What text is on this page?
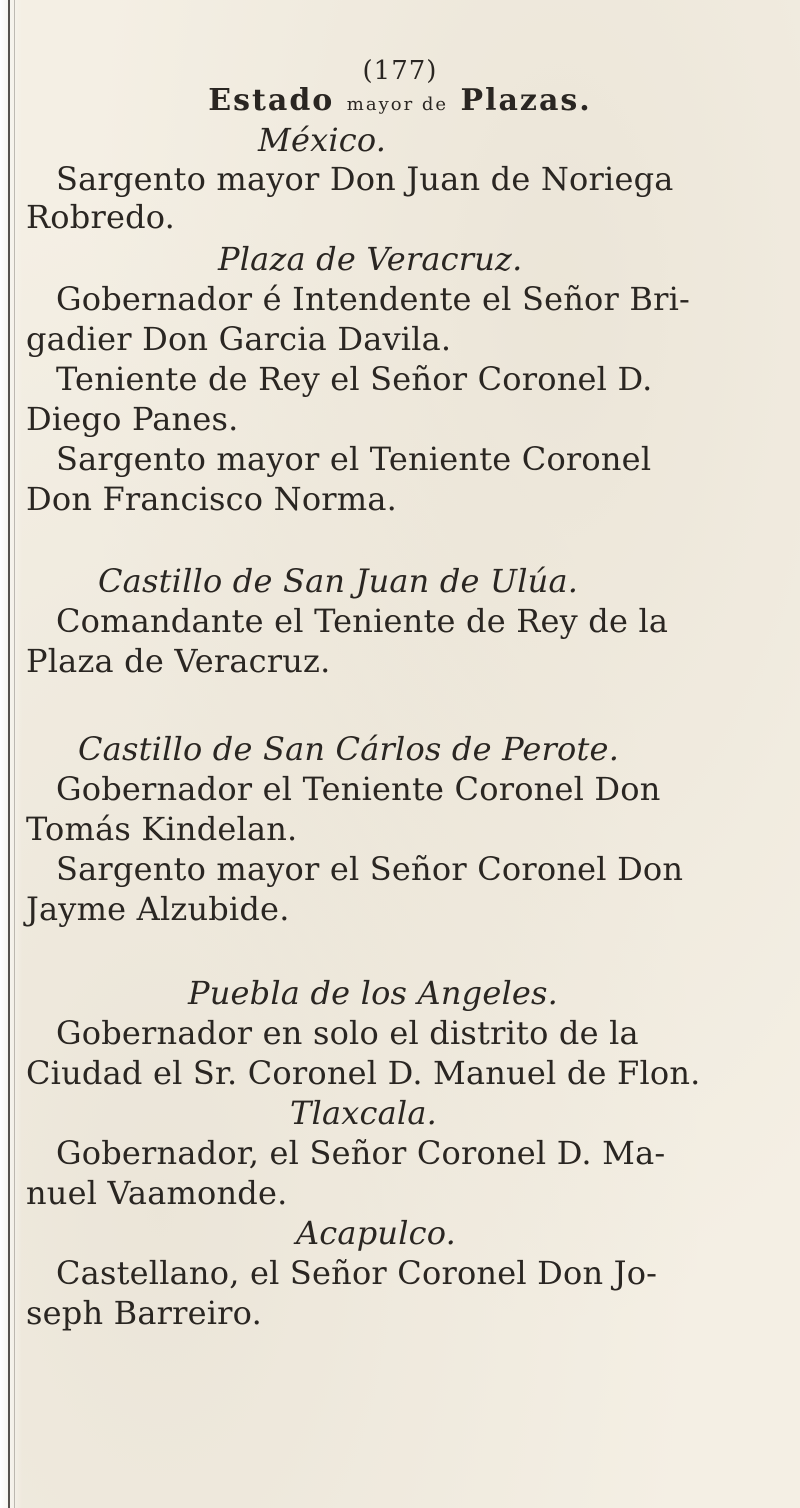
(177)
Estado mayor de Plazas.
México.
Sargento mayor Don Juan de Noriega
Robredo.
Plaza de Veracruz.
Gobernador é Intendente el Señor Bri-
gadier Don Garcia Davila.
Teniente de Rey el Señor Coronel D.
Diego Panes.
Sargento mayor el Teniente Coronel
Don Francisco Norma.
Castillo de San Juan de Ulúa.
Comandante el Teniente de Rey de la
Plaza de Veracruz.
Castillo de San Cárlos de Perote.
Gobernador el Teniente Coronel Don
Tomás Kindelan.
Sargento mayor el Señor Coronel Don
Jayme Alzubide.
Puebla de los Angeles.
Gobernador en solo el distrito de la
Ciudad el Sr. Coronel D. Manuel de Flon.
Tlaxcala.
Gobernador, el Señor Coronel D. Ma-
nuel Vaamonde.
Acapulco.
Castellano, el Señor Coronel Don Jo-
seph Barreiro.
